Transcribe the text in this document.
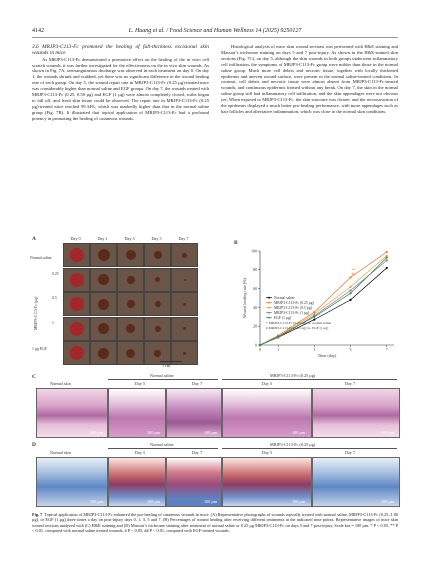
4142	L. Huang et al. / Food Science and Human Wellness 14 (2025) 9250127

3.6 MRJP3-C113-Fc promoted the healing of full-thickness excisional skin wounds in mice

As MRJP3-C113-Fc demonstrated a promotive effect on the healing of the in vitro cell scratch wounds, it was further investigated for the effectiveness on the in vivo skin wounds. As shown in Fig. 7A, serosanguineous discharge was observed in each treatment on day 0. On day 1, the wounds shrunk and scabbed, yet there was no significant difference in the wound healing rate of each group. On day 5, the wound repair rate in MRJP3-C113-Fc (0.25 µg)-treated mice was considerably higher than normal saline and EGF groups. On day 7, the wounds treated with MRJP3-C113-Fc (0.25, 0.50 µg) and EGF (1 µg) were almost completely closed, scabs began to fall off, and fresh skin tissue could be observed. The repair rate in MRJP3-C113-Fc (0.25 µg)-treated mice reached 99.34%, which was markedly higher than that in the normal saline group (Fig. 7B). It illustrated that topical application of MRJP3-C113-Fc had a profound potency in promoting the healing of cutaneous wounds.

Histological analysis of mice skin wound sections was performed with H&E staining and Masson’s trichrome staining on days 5 and 7 post-injury. As shown in the H&E-stained skin sections (Fig. 7C), on day 5, although the skin wounds in both groups underwent inflammatory cell infiltration, the symptoms of MRJP3-C113-Fc group were milder than those in the normal saline group. Much more cell debris and necrotic tissue, together with locally thickened epidermis and uneven wound surface, were present in the normal saline-treated conditions. In contrast, cell debris and necrotic tissue were almost absent from MRJP3-C113-Fc-treated wounds, and continuous epidermis formed without any break. On day 7, the skin in the normal saline group still had inflammatory cell infiltration, and the skin appendages were not obvious yet. When exposed to MRJP3-C113-Fc, the skin structure was clearer, and the reconstruction of the epidermis displayed a much better pro-healing performance, with more appendages such as hair follicles and alleviative inflammation, which was close to the normal skin conditions.

A	Day 0	Day 1	Day 3	Day 5	Day 7
Normal saline
0.25
0.5
1
1 µg EGF
MRJP3-C113-Fc (µg)
1 cm
B
0
20
40
60
80
100
0	1	3	5	7
Time (day)
Wound healing rate (%)	Normal saline
MRJP3-C113-Fc (0.25 µg)
MRJP3-C113-Fc (0.5 µg)
MRJP3-C113-Fc (1 µg)
EGF (1 µg)
* MRJP3-C113-Fc (0.25 µg) vs. normal saline
# MRJP3-C113-Fc (0.25 µg) vs. EGF (1 µg)
**
##
C	Normal saline	MRJP3-C113-Fc (0.25 µg)
Normal skin	Day 5	Day 7	Day 5	Day 7
100 µm	100 µm	100 µm	100 µm	100 µm
D	Normal saline	MRJP3-C113-Fc (0.25 µg)
Normal skin	Day 5	Day 7	Day 5	Day 7
100 µm	100 µm	100 µm	100 µm	100 µm
Fig. 7 Topical application of MRJP3-C113-Fc enhanced the pro-healing of cutaneous wounds in mice. (A) Representative photographs of wounds topically treated with normal saline, MRJP3-C113-Fc (0.25–1.00 µg), or EGF (1 µg) three times a day on post-injury days 0, 1, 3, 5 and 7. (B) Percentages of wound healing after receiving different treatments at the indicated time points. Representative images of mice skin wound sections analyzed with (C) H&E staining and (D) Masson’s trichrome staining after treatment of normal saline or 0.25 µg MRJP3-C113-Fc on days 5 and 7 post-injury. Scale bar = 100 µm. * P < 0.05, ** P < 0.01, compared with normal saline treated wounds; # P < 0.05, ## P < 0.01, compared with EGF-treated wounds.
